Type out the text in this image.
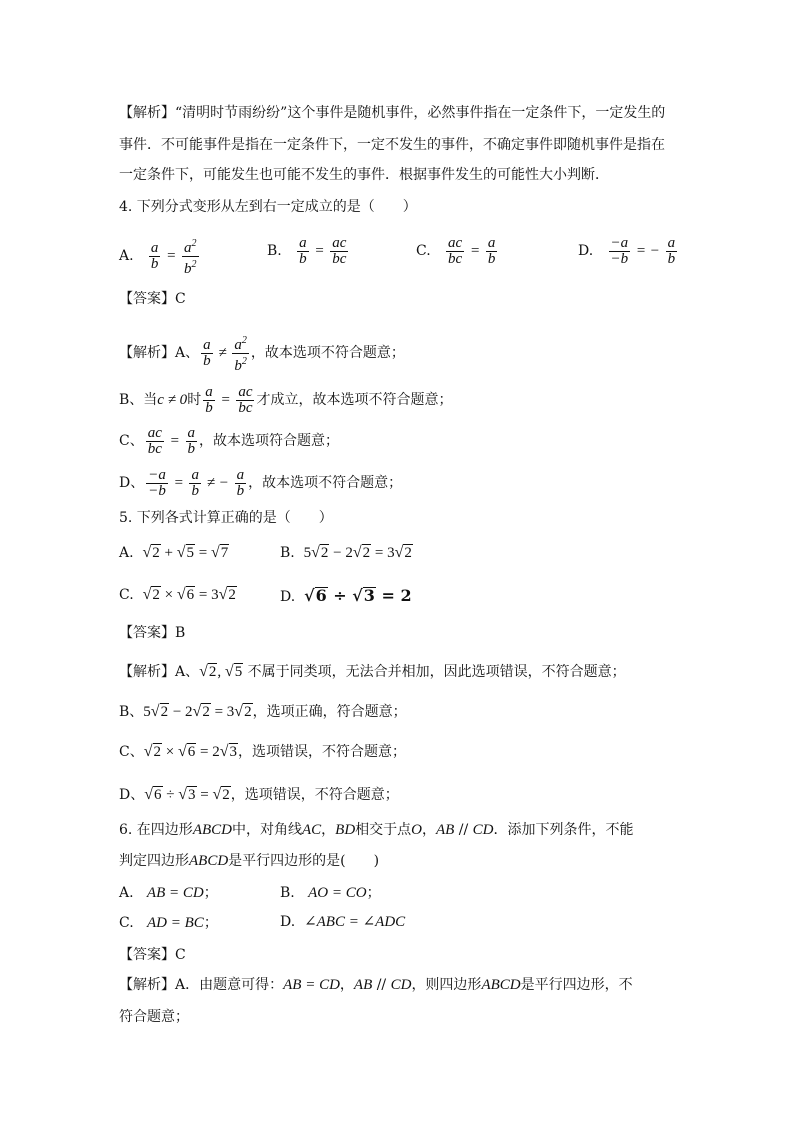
【解析】“清明时节雨纷纷”这个事件是随机事件，必然事件指在一定条件下，一定发生的
事件．不可能事件是指在一定条件下，一定不发生的事件，不确定事件即随机事件是指在
一定条件下，可能发生也可能不发生的事件．根据事件发生的可能性大小判断．
4. 下列分式变形从左到右一定成立的是（　　）
A. $\frac{a}{b} = \frac{a^2}{b^2}$	B. $\frac{a}{b} = \frac{ac}{bc}$	C. $\frac{ac}{bc} = \frac{a}{b}$	D. $\frac{-a}{-b}$ = − $\frac{a}{b}$
【答案】C
【解析】A、 $\frac{a}{b} \ne \frac{a^2}{b^2}$ ，故本选项不符合题意；
B、当c ≠ 0时 $\frac{a}{b} = \frac{ac}{bc}$ 才成立，故本选项不符合题意；
C、 $\frac{ac}{bc} = \frac{a}{b}$ ，故本选项符合题意；
D、 $\frac{-a}{-b} = \frac{a}{b}$ ≠ − $\frac{a}{b}$ ，故本选项不符合题意；
5. 下列各式计算正确的是（　　）
A.  √2 + √5 = √7	B.  5√2 − 2√2 = 3√2
C.  √2 × √6 = 3√2	D.  √6 ÷ √3 = 2
【答案】B
【解析】A、√2, √5 不属于同类项，无法合并相加，因此选项错误，不符合题意；
B、5√2 − 2√2 = 3√2，选项正确，符合题意；
C、√2 × √6 = 2√3，选项错误，不符合题意；
D、√6 ÷ √3 = √2，选项错误，不符合题意；
6. 在四边形ABCD中，对角线AC，BD相交于点O，AB // CD．添加下列条件，不能
判定四边形ABCD是平行四边形的是(　　)
A.   AB = CD；	B.   AO = CO；
C.   AD = BC；	D.  ∠ABC = ∠ADC
【答案】C
【解析】A．由题意可得：AB = CD，AB // CD，则四边形ABCD是平行四边形，不
符合题意；
